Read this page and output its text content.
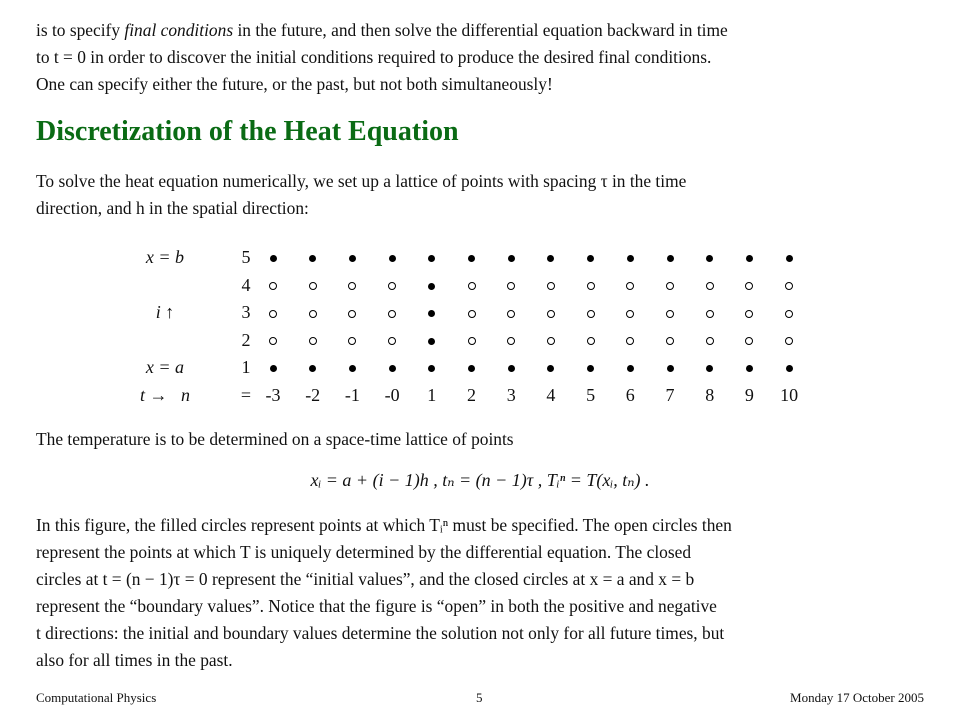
is to specify final conditions in the future, and then solve the differential equation backward in time
to t = 0 in order to discover the initial conditions required to produce the desired final conditions.
One can specify either the future, or the past, but not both simultaneously!
Discretization of the Heat Equation
To solve the heat equation numerically, we set up a lattice of points with spacing τ in the time
direction, and h in the spatial direction:
x = b	5
4
i ↑	3
2
x = a	1
t →   n	= -3	-2	-1	-0	1	2	3	4	5	6	7	8	9	10
The temperature is to be determined on a space-time lattice of points
xᵢ = a + (i − 1)h , tₙ = (n − 1)τ , Tᵢⁿ = T(xᵢ, tₙ) .
In this figure, the filled circles represent points at which Tᵢⁿ must be specified. The open circles then
represent the points at which T is uniquely determined by the differential equation. The closed
circles at t = (n − 1)τ = 0 represent the “initial values”, and the closed circles at x = a and x = b
represent the “boundary values”. Notice that the figure is “open” in both the positive and negative
t directions: the initial and boundary values determine the solution not only for all future times, but
also for all times in the past.
Computational Physics	5	Monday 17 October 2005
